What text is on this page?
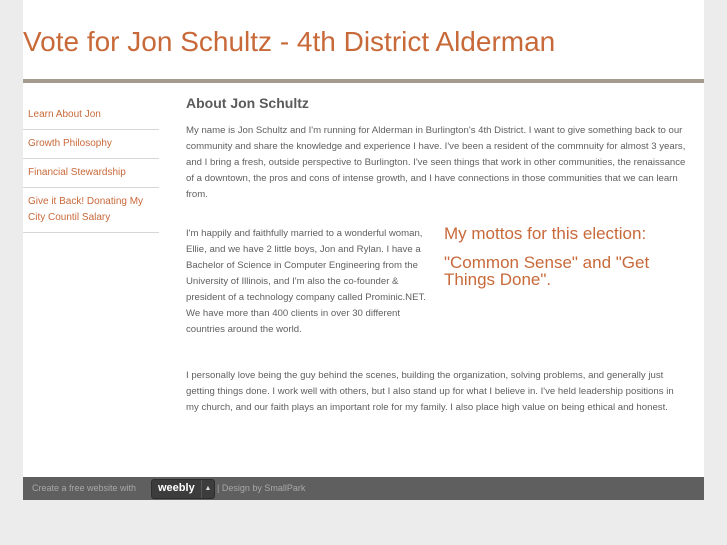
Vote for Jon Schultz - 4th District Alderman
Learn About Jon
Growth Philosophy
Financial Stewardship
Give it Back! Donating My City Countil Salary
About Jon Schultz

My name is Jon Schultz and I'm running for Alderman in Burlington's 4th District. I want to give something back to our community and share the knowledge and experience I have. I've been a resident of the commnuity for almost 3 years, and I bring a fresh, outside perspective to Burlington. I've seen things that work in other communities, the renaissance of a downtown, the pros and cons of intense growth, and I have connections in those communities that we can learn from.

I'm happily and faithfully married to a wonderful woman, Ellie, and we have 2 little boys, Jon and Rylan. I have a Bachelor of Science in Computer Engineering from the University of Illinois, and I'm also the co-founder & president of a technology company called Prominic.NET. We have more than 400 clients in over 30 different countries around the world.

My mottos for this election:

"Common Sense" and "Get Things Done".

I personally love being the guy behind the scenes, building the organization, solving problems, and generally just getting things done. I work well with others, but I also stand up for what I believe in. I've held leadership positions in my church, and our faith plays an important role for my family. I also place high value on being ethical and honest.

Create a free website with weebly	▲ | Design by SmallPark
